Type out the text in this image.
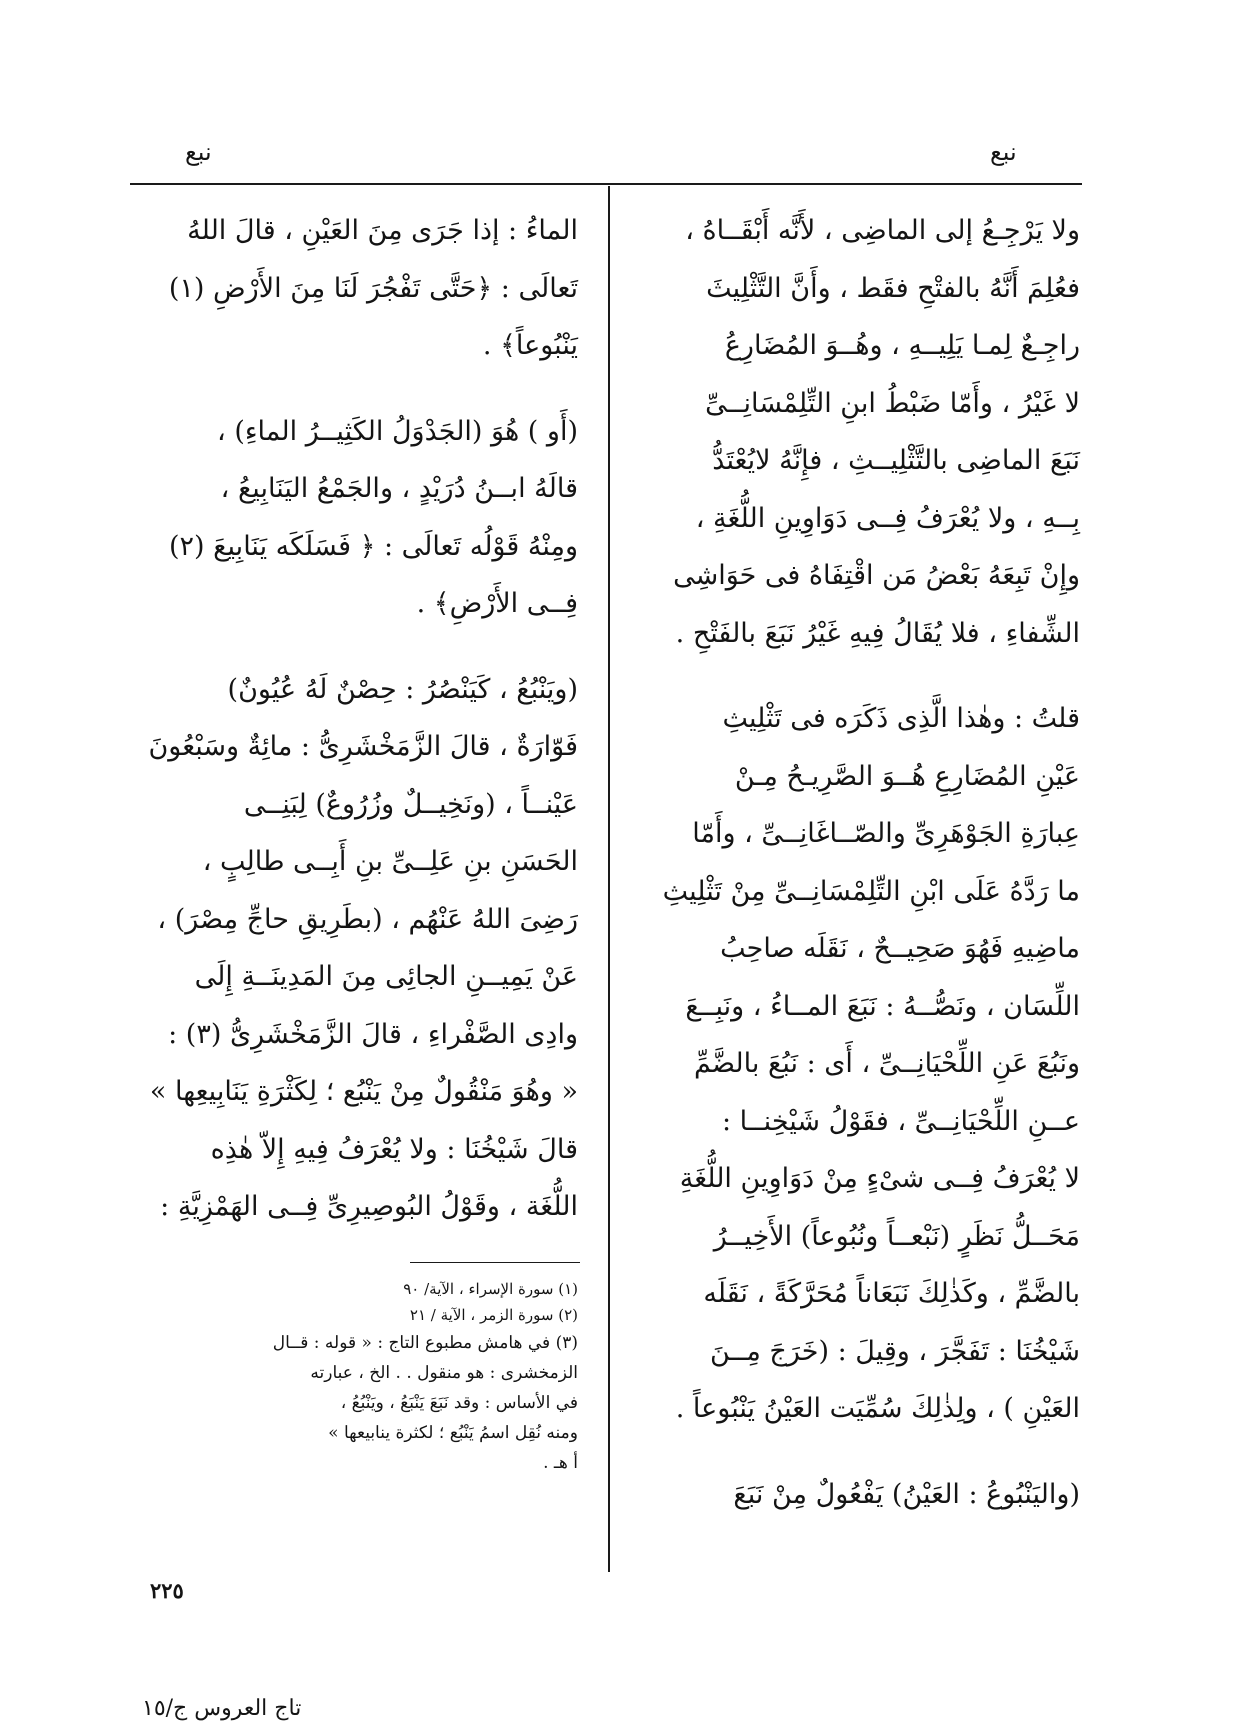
نبع
نبع

ولا يَرْجِـعُ إلى الماضِى ، لأَنَّه أَبْقَــاهُ ،

فعُلِمَ أَنَّهُ بالفتْحِ فقَط ، وأَنَّ التَّثْلِيثَ

راجِـعٌ لِمـا يَلِيــهِ ، وهُــوَ المُضَارِعُ

لا غَيْرُ ، وأَمّا ضَبْطُ ابنِ التِّلِمْسَانِــىِّ

نَبَعَ الماضِى بالتَّثْلِيــثِ ، فإِنَّهُ لايُعْتَدُّ

بِــهِ ، ولا يُعْرَفُ فِــى دَوَاوِينِ اللُّغَةِ ،

وإِنْ تَبِعَهُ بَعْضُ مَن اقْتِفَاهُ فى حَوَاشِى

الشِّفاءِ ، فلا يُقَالُ فِيهِ غَيْرُ نَبَعَ بالفَتْحِ .

قلتُ : وهٰذا الَّذِى ذَكَرَه فى تَثْلِيثِ

عَيْنِ المُضَارِعِ هُــوَ الصَّرِيـحُ مِـنْ

عِبارَةِ الجَوْهَرِىِّ والصّــاغَانِــىِّ ، وأَمّا

ما رَدَّهُ عَلَى ابْنِ التِّلِمْسَانِــىِّ مِنْ تَثْلِيثِ

ماضِيهِ فَهُوَ صَحِيــحٌ ، نَقَلَه صاحِبُ

اللِّسَان ، ونَصُّــهُ : نَبَعَ المــاءُ ، ونَبِــعَ

ونَبُعَ عَنِ اللِّحْيَانِــىِّ ، أَى : نَبُعَ بالضَّمِّ

عــنِ اللِّحْيَانِــىِّ ، فقَوْلُ شَيْخِنــا :

لا يُعْرَفُ فِــى شىْءٍ مِنْ دَوَاوِينِ اللُّغَةِ

مَحَــلُّ نَظَرٍ (نَبْعــاً ونُبُوعاً) الأَخِيــرُ

بالضَّمِّ ، وكَذٰلِكَ نَبَعَاناً مُحَرَّكَةً ، نَقَلَه

شَيْخُنَا : تَفَجَّرَ ، وقِيلَ : (خَرَجَ مِــنَ

العَيْنِ ) ، ولِذٰلِكَ سُمِّيَت العَيْنُ يَنْبُوعاً .

(واليَنْبُوعُ : العَيْنُ) يَفْعُولٌ مِنْ نَبَعَ

الماءُ : إذا جَرَى مِنَ العَيْنِ ، قالَ اللهُ

تَعالَى : ﴿حَتَّى تَفْجُرَ لَنَا مِنَ الأَرْضِ (١)

يَنْبُوعاً﴾ .

(أَو ) هُوَ (الجَدْوَلُ الكَثِيــرُ الماءِ) ،

قالَهُ ابــنُ دُرَيْدٍ ، والجَمْعُ اليَنَابِيعُ ،

ومِنْهُ قَوْلُه تَعالَى : ﴿ فَسَلَكَه يَنَابِيعَ (٢)

فِــى الأَرْضِ﴾ .

(ويَنْبُعُ ، كَيَنْصُرُ : حِصْنٌ لَهُ عُيُونٌ)

فَوّارَةٌ ، قالَ الزَّمَخْشَرِىُّ : مائِةٌ وسَبْعُونَ

عَيْنــاً ، (ونَخِيــلٌ وزُرُوعٌ) لِبَنِــى

الحَسَنِ بنِ عَلِــىِّ بنِ أَبِــى طالِبٍ ،

رَضِىَ اللهُ عَنْهُم ، (بطَرِيقِ حاجِّ مِصْرَ) ،

عَنْ يَمِيــنِ الجائِى مِنَ المَدِينَــةِ إِلَى

وادِى الصَّفْراءِ ، قالَ الزَّمَخْشَرِىُّ (٣) :

« وهُوَ مَنْقُولٌ مِنْ يَنْبُع ؛ لِكَثْرَةِ يَنَابِيعِها »

قالَ شَيْخُنَا : ولا يُعْرَفُ فِيهِ إِلاّ هٰذِه

اللُّغَة ، وقَوْلُ البُوصِيرِىِّ فِــى الهَمْزِيَّةِ :

(١) سورة الإسراء ، الآية/ ٩٠

(٢) سورة الزمر ، الآية / ٢١

(٣) في هامش مطبوع التاج : « قوله : قــال

الزمخشرى : هو منقول . . الخ ، عبارته

في الأساس : وقد نَبَعَ يَنْبَعُ ، ويَنْبُعُ ،

ومنه نُقِل اسمُ يَنْبُع ؛ لكثرة ينابيعها »

أ هـ .

٢٢٥
تاج العروس ج/١٥
